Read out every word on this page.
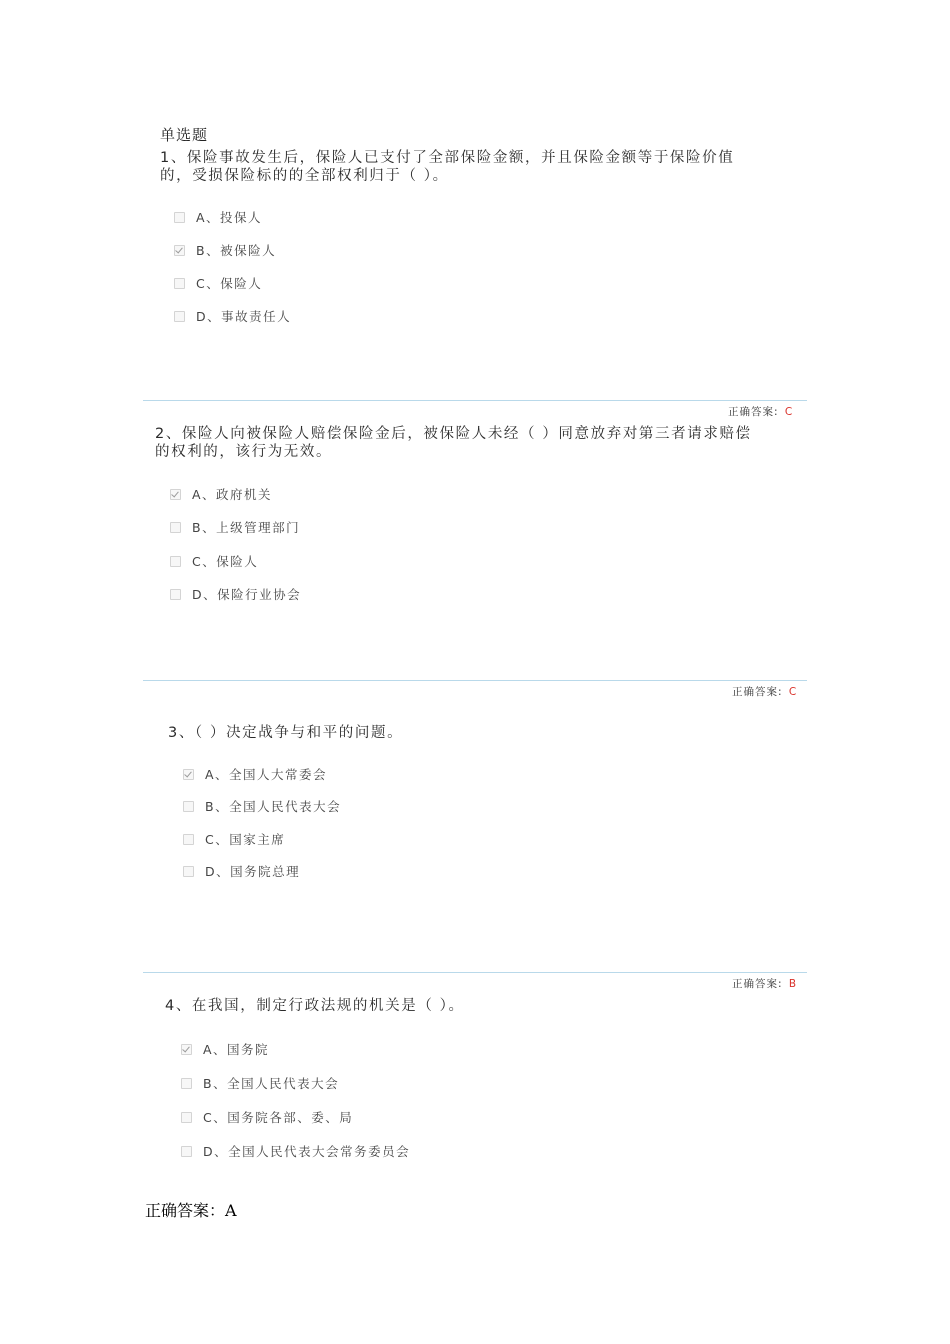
单选题
1、保险事故发生后，保险人已支付了全部保险金额，并且保险金额等于保险价值
的，受损保险标的的全部权利归于（ ）。
A、投保人
B、被保险人
C、保险人
D、事故责任人
正确答案: C
2、保险人向被保险人赔偿保险金后，被保险人未经（ ）同意放弃对第三者请求赔偿
的权利的，该行为无效。
A、政府机关
B、上级管理部门
C、保险人
D、保险行业协会
正确答案: C
3、（ ）决定战争与和平的问题。
A、全国人大常委会
B、全国人民代表大会
C、国家主席
D、国务院总理
正确答案: B
4、在我国，制定行政法规的机关是（ ）。
A、国务院
B、全国人民代表大会
C、国务院各部、委、局
D、全国人民代表大会常务委员会
正确答案：A
